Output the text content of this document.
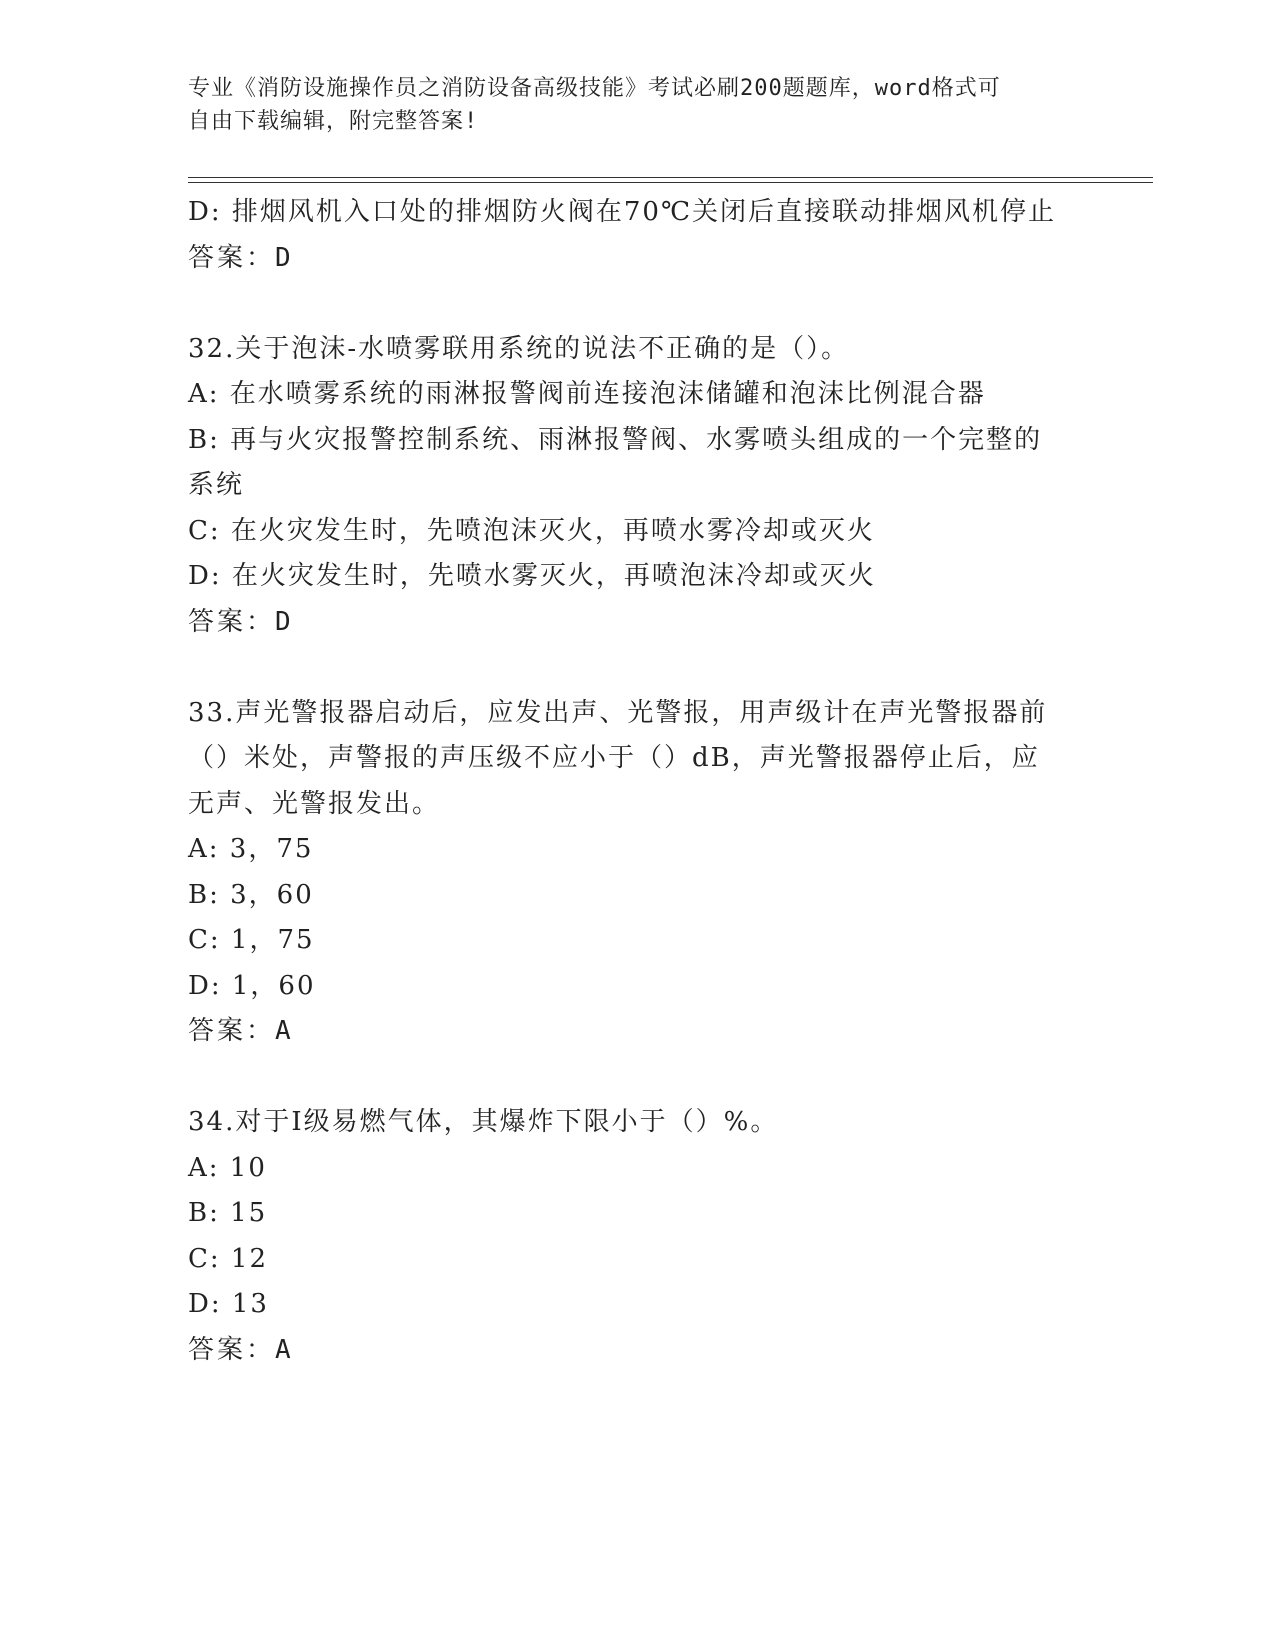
专业《消防设施操作员之消防设备高级技能》考试必刷200题题库，word格式可
自由下载编辑，附完整答案!
D: 排烟风机入口处的排烟防火阀在70℃关闭后直接联动排烟风机停止
答案：D
32.关于泡沫-水喷雾联用系统的说法不正确的是（）。
A: 在水喷雾系统的雨淋报警阀前连接泡沫储罐和泡沫比例混合器
B: 再与火灾报警控制系统、雨淋报警阀、水雾喷头组成的一个完整的
系统
C: 在火灾发生时，先喷泡沫灭火，再喷水雾冷却或灭火
D: 在火灾发生时，先喷水雾灭火，再喷泡沫冷却或灭火
答案：D
33.声光警报器启动后，应发出声、光警报，用声级计在声光警报器前
（）米处，声警报的声压级不应小于（）dB，声光警报器停止后，应
无声、光警报发出。
A: 3，75
B: 3，60
C: 1，75
D: 1，60
答案：A
34.对于Ⅰ级易燃气体，其爆炸下限小于（）%。
A: 10
B: 15
C: 12
D: 13
答案：A
